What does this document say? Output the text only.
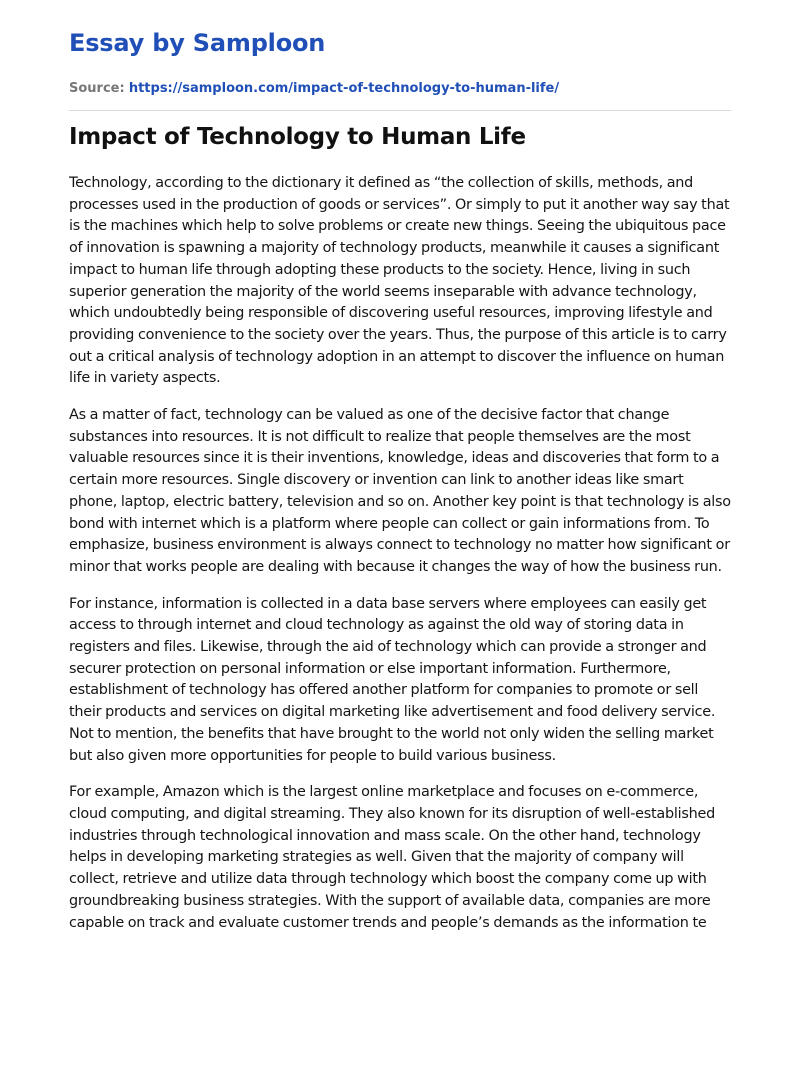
Essay by Samploon
Source: https://samploon.com/impact-of-technology-to-human-life/
Impact of Technology to Human Life

Technology, according to the dictionary it defined as “the collection of skills, methods, and processes used in the production of goods or services”. Or simply to put it another way say that is the machines which help to solve problems or create new things. Seeing the ubiquitous pace of innovation is spawning a majority of technology products, meanwhile it causes a significant impact to human life through adopting these products to the society. Hence, living in such superior generation the majority of the world seems inseparable with advance technology, which undoubtedly being responsible of discovering useful resources, improving lifestyle and providing convenience to the society over the years. Thus, the purpose of this article is to carry out a critical analysis of technology adoption in an attempt to discover the influence on human life in variety aspects.

As a matter of fact, technology can be valued as one of the decisive factor that change substances into resources. It is not difficult to realize that people themselves are the most valuable resources since it is their inventions, knowledge, ideas and discoveries that form to a certain more resources. Single discovery or invention can link to another ideas like smart phone, laptop, electric battery, television and so on. Another key point is that technology is also bond with internet which is a platform where people can collect or gain informations from. To emphasize, business environment is always connect to technology no matter how significant or minor that works people are dealing with because it changes the way of how the business run.

For instance, information is collected in a data base servers where employees can easily get access to through internet and cloud technology as against the old way of storing data in registers and files. Likewise, through the aid of technology which can provide a stronger and securer protection on personal information or else important information. Furthermore, establishment of technology has offered another platform for companies to promote or sell their products and services on digital marketing like advertisement and food delivery service. Not to mention, the benefits that have brought to the world not only widen the selling market but also given more opportunities for people to build various business.

For example, Amazon which is the largest online marketplace and focuses on e-commerce, cloud computing, and digital streaming. They also known for its disruption of well-established industries through technological innovation and mass scale. On the other hand, technology helps in developing marketing strategies as well. Given that the majority of company will collect, retrieve and utilize data through technology which boost the company come up with groundbreaking business strategies. With the support of available data, companies are more capable on track and evaluate customer trends and people’s demands as the information te
